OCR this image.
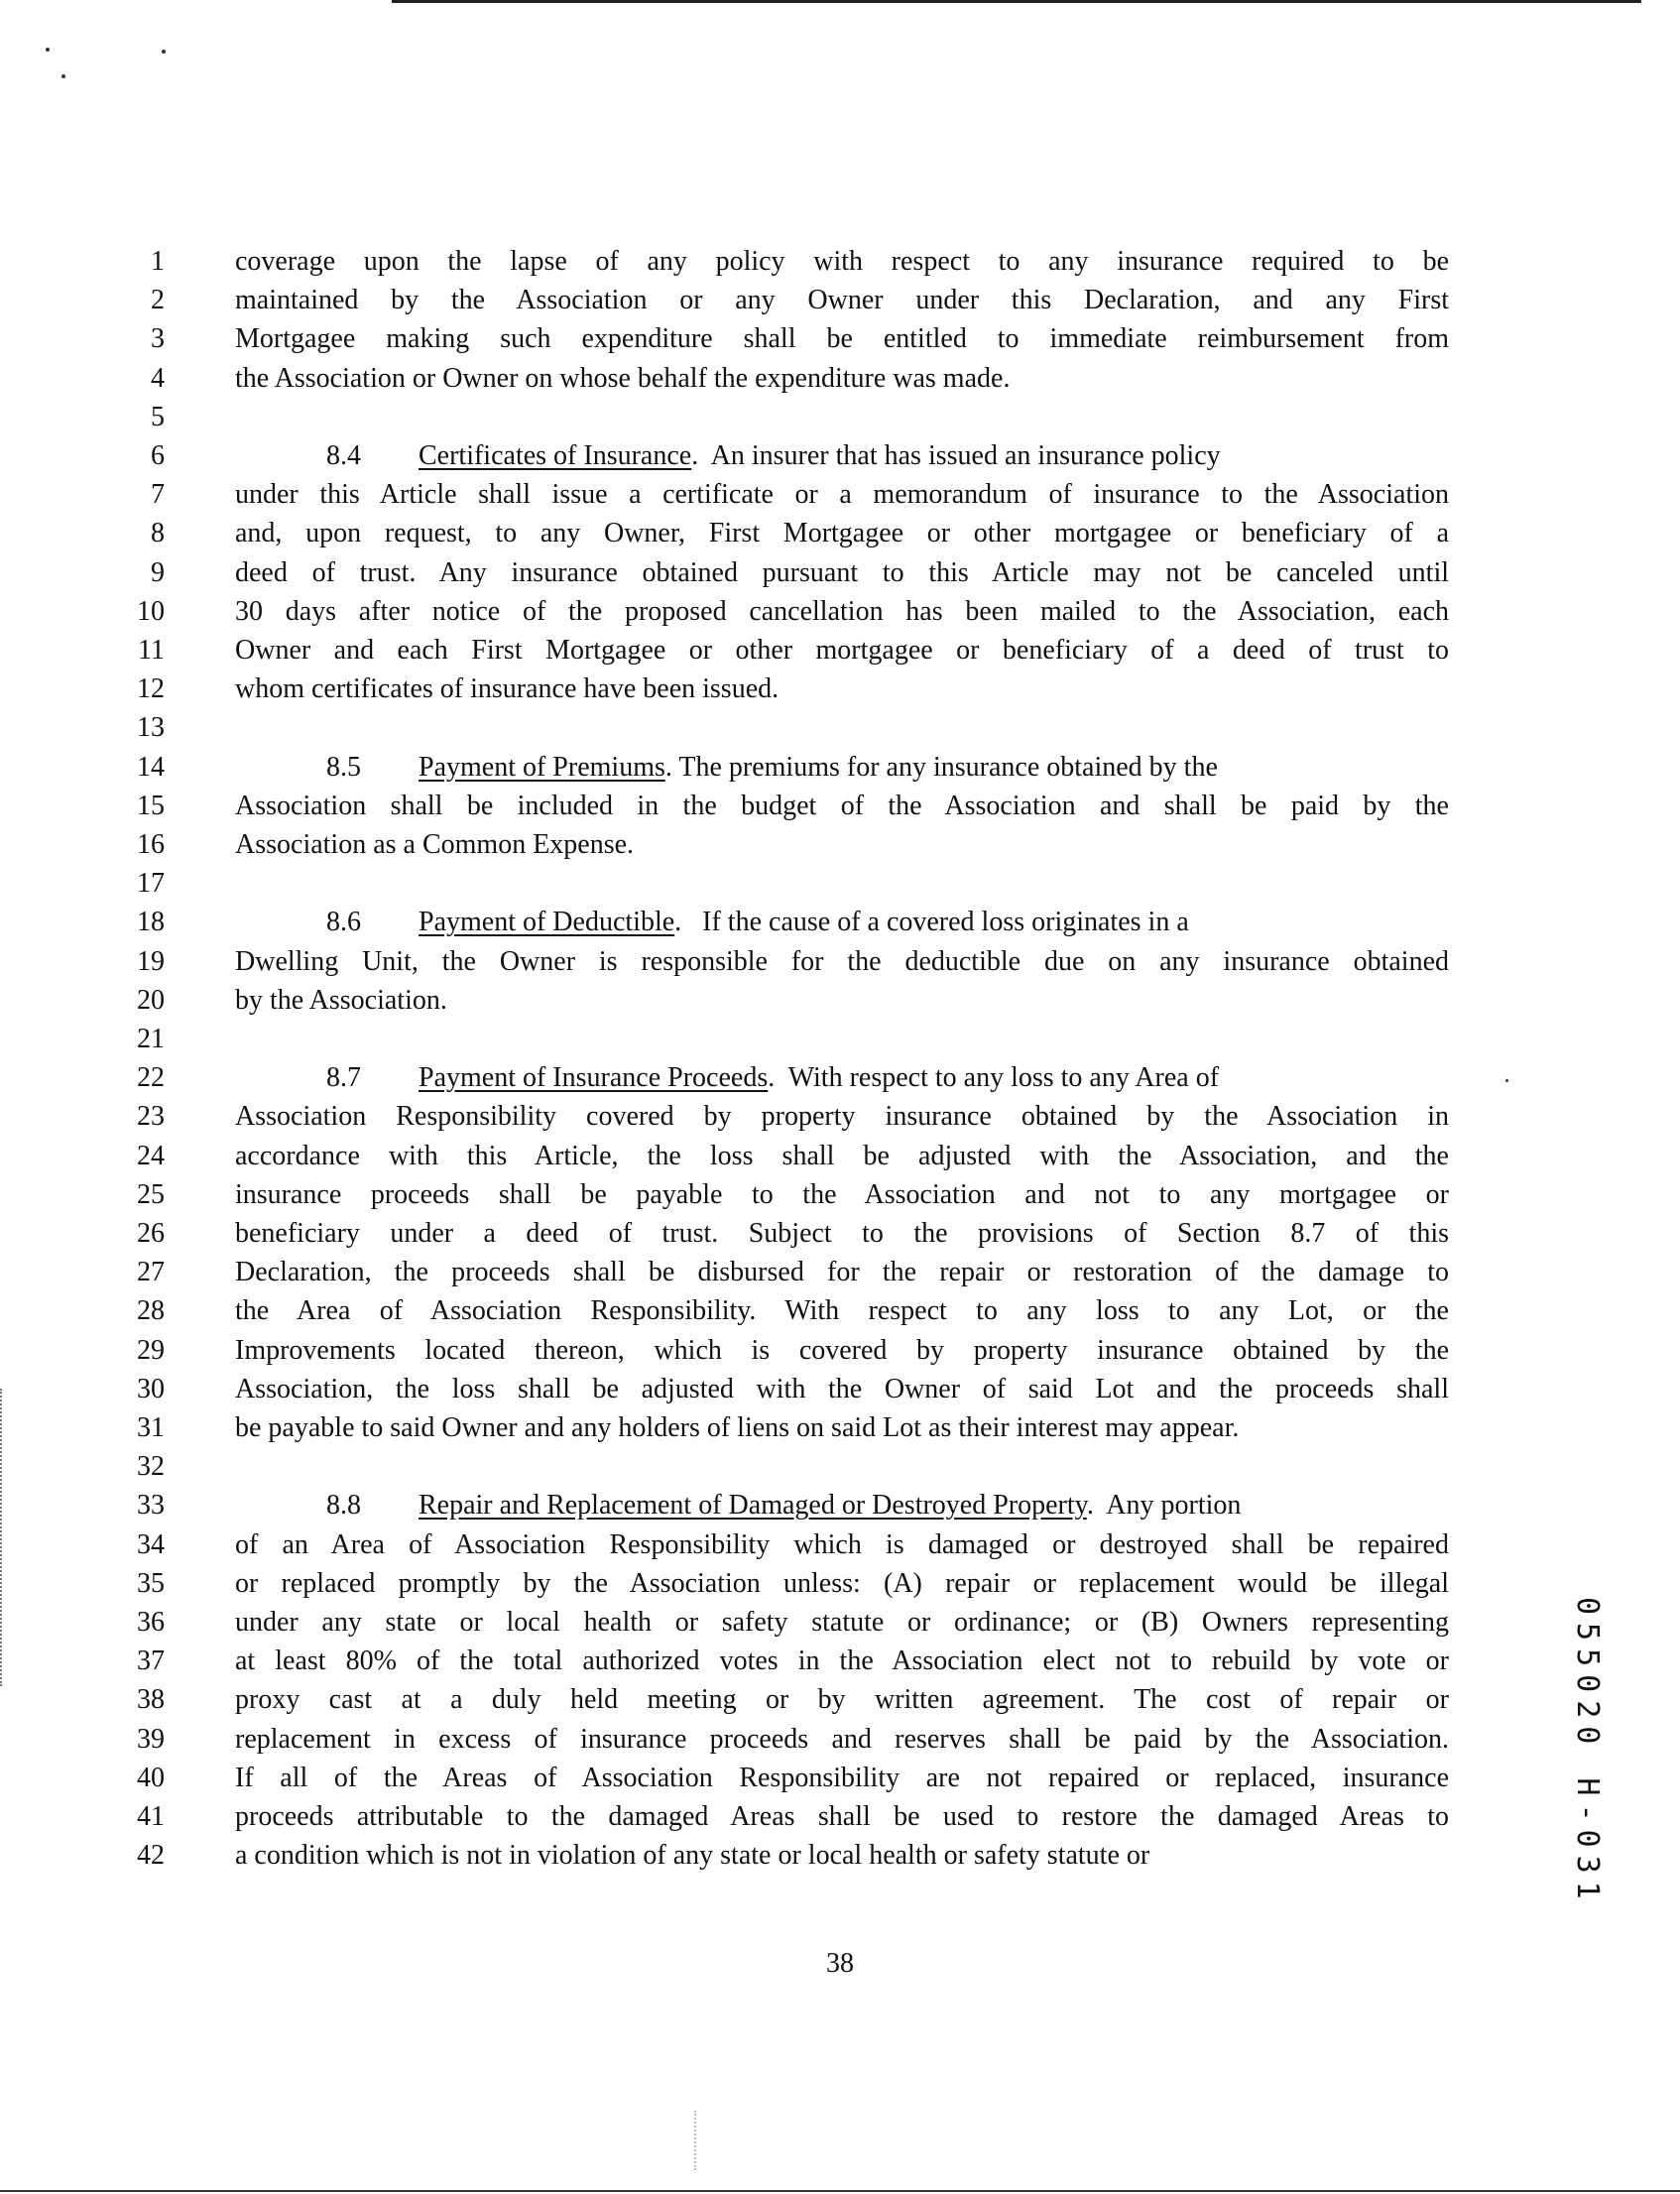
1	coverage upon the lapse of any policy with respect to any insurance required to be
2	maintained by the Association or any Owner under this Declaration, and any First
3	Mortgagee making such expenditure shall be entitled to immediate reimbursement from
4	the Association or Owner on whose behalf the expenditure was made.
5
6	8.4 Certificates of Insurance.  An insurer that has issued an insurance policy
7	under this Article shall issue a certificate or a memorandum of insurance to the Association
8	and, upon request, to any Owner, First Mortgagee or other mortgagee or beneficiary of a
9	deed of trust. Any insurance obtained pursuant to this Article may not be canceled until
10	30 days after notice of the proposed cancellation has been mailed to the Association, each
11	Owner and each First Mortgagee or other mortgagee or beneficiary of a deed of trust to
12	whom certificates of insurance have been issued.
13
14	8.5 Payment of Premiums. The premiums for any insurance obtained by the
15	Association shall be included in the budget of the Association and shall be paid by the
16	Association as a Common Expense.
17
18	8.6 Payment of Deductible.   If the cause of a covered loss originates in a
19	Dwelling Unit, the Owner is responsible for the deductible due on any insurance obtained
20	by the Association.
21
22	8.7 Payment of Insurance Proceeds.  With respect to any loss to any Area of
23	Association Responsibility covered by property insurance obtained by the Association in
24	accordance with this Article, the loss shall be adjusted with the Association, and the
25	insurance proceeds shall be payable to the Association and not to any mortgagee or
26	beneficiary under a deed of trust. Subject to the provisions of Section 8.7 of this
27	Declaration, the proceeds shall be disbursed for the repair or restoration of the damage to
28	the Area of Association Responsibility. With respect to any loss to any Lot, or the
29	Improvements located thereon, which is covered by property insurance obtained by the
30	Association, the loss shall be adjusted with the Owner of said Lot and the proceeds shall
31	be payable to said Owner and any holders of liens on said Lot as their interest may appear.
32
33	8.8 Repair and Replacement of Damaged or Destroyed Property.  Any portion
34	of an Area of Association Responsibility which is damaged or destroyed shall be repaired
35	or replaced promptly by the Association unless: (A) repair or replacement would be illegal
36	under any state or local health or safety statute or ordinance; or (B) Owners representing
37	at least 80% of the total authorized votes in the Association elect not to rebuild by vote or
38	proxy cast at a duly held meeting or by written agreement. The cost of repair or
39	replacement in excess of insurance proceeds and reserves shall be paid by the Association.
40	If all of the Areas of Association Responsibility are not repaired or replaced, insurance
41	proceeds attributable to the damaged Areas shall be used to restore the damaged Areas to
42	a condition which is not in violation of any state or local health or safety statute or
38
055020 H-031
